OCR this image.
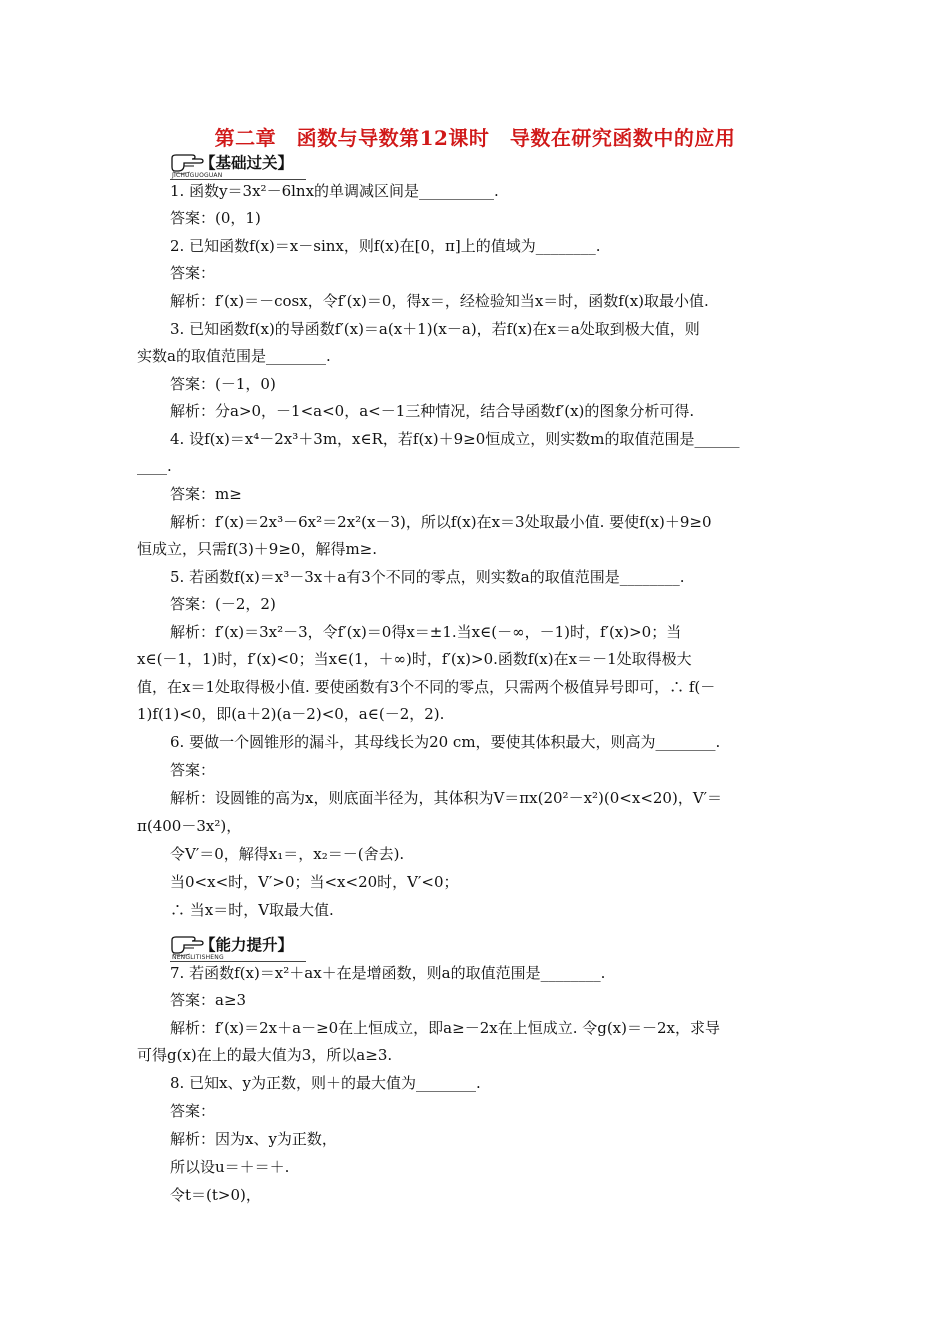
第二章　函数与导数第12课时　导数在研究函数中的应用
【基础过关】
JICHUGUOGUAN
【能力提升】
NENGLITISHENG
1. 函数y＝3x²－6lnx的单调减区间是__________.
答案：(0，1)
2. 已知函数f(x)＝x－sinx，则f(x)在[0，π]上的值域为________.
答案：
解析：f′(x)＝－cosx，令f′(x)＝0，得x＝，经检验知当x＝时，函数f(x)取最小值.
3. 已知函数f(x)的导函数f′(x)＝a(x＋1)(x－a)，若f(x)在x＝a处取到极大值，则
实数a的取值范围是________.
答案：(－1，0)
解析：分a>0，－1<a<0，a<－1三种情况，结合导函数f′(x)的图象分析可得.
4. 设f(x)＝x⁴－2x³＋3m，x∈R，若f(x)＋9≥0恒成立，则实数m的取值范围是______
____.
答案：m≥
解析：f′(x)＝2x³－6x²＝2x²(x－3)，所以f(x)在x＝3处取最小值. 要使f(x)＋9≥0
恒成立，只需f(3)＋9≥0，解得m≥.
5. 若函数f(x)＝x³－3x＋a有3个不同的零点，则实数a的取值范围是________.
答案：(－2，2)
解析：f′(x)＝3x²－3，令f′(x)＝0得x＝±1.当x∈(－∞，－1)时，f′(x)>0；当
x∈(－1，1)时，f′(x)<0；当x∈(1，＋∞)时，f′(x)>0.函数f(x)在x＝－1处取得极大
值，在x＝1处取得极小值. 要使函数有3个不同的零点，只需两个极值异号即可，∴ f(－
1)f(1)<0，即(a＋2)(a－2)<0，a∈(－2，2).
6. 要做一个圆锥形的漏斗，其母线长为20 cm，要使其体积最大，则高为________.
答案：
解析：设圆锥的高为x，则底面半径为，其体积为V＝πx(20²－x²)(0<x<20)，V′＝
π(400－3x²)，
令V′＝0，解得x₁＝，x₂＝－(舍去).
当0<x<时，V′>0；当<x<20时，V′<0；
∴ 当x＝时，V取最大值.
7. 若函数f(x)＝x²＋ax＋在是增函数，则a的取值范围是________.
答案：a≥3
解析：f′(x)＝2x＋a－≥0在上恒成立，即a≥－2x在上恒成立. 令g(x)＝－2x，求导
可得g(x)在上的最大值为3，所以a≥3.
8. 已知x、y为正数，则＋的最大值为________.
答案：
解析：因为x、y为正数，
所以设u＝＋＝＋.
令t＝(t>0)，
